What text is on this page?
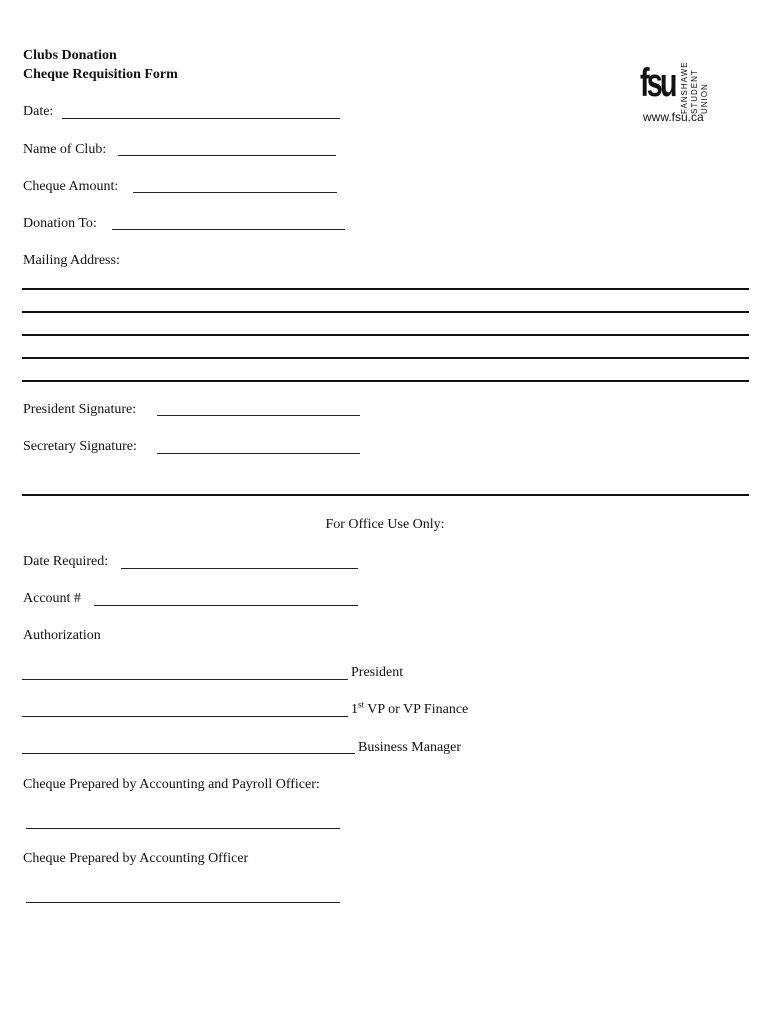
Clubs Donation
Cheque Requisition Form	fsu FANSHAWE STUDENT UNION
www.fsu.ca
Date:
Name of Club:
Cheque Amount:
Donation To:
Mailing Address:
President Signature:
Secretary Signature:
For Office Use Only:
Date Required:
Account #
Authorization
President
1st VP or VP Finance
Business Manager
Cheque Prepared by Accounting and Payroll Officer:
Cheque Prepared by Accounting Officer
